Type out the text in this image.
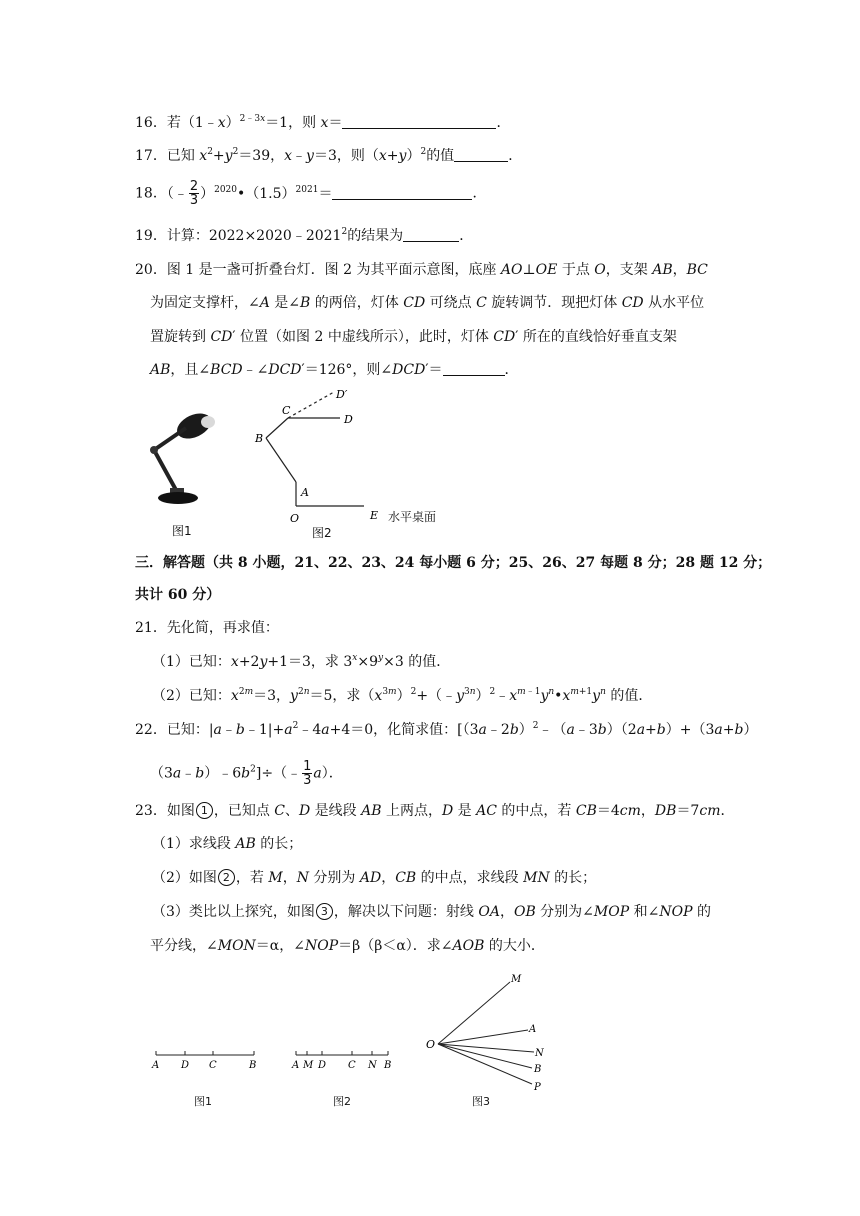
16．若（1﹣x）$^{2﹣3x}$＝1，则 x＝	．
17．已知 $x^2+y^2=39$，x﹣y＝3，则$(x+y)^2$的值	．
18．（﹣ $\frac{2}{3}$ ）$^{2020}•(1.5)^{2021}=$	．
19．计算：$2022\times 2020﹣2021^2$的结果为	．
20．图 1 是一盏可折叠台灯．图 2 为其平面示意图，底座 AO⊥OE 于点 O，支架 AB，BC
为固定支撑杆，∠A 是∠B 的两倍，灯体 CD 可绕点 C 旋转调节．现把灯体 CD 从水平位
置旋转到 CD′ 位置（如图 2 中虚线所示），此时，灯体 CD′ 所在的直线恰好垂直支架
AB，且∠BCD﹣∠DCD′＝126°，则∠DCD′＝	．
图1
D′
C
D
B
A
O	E 水平桌面
图2
三．解答题（共 8 小题，21、22、23、24 每小题 6 分；25、26、27 每题 8 分；28 题 12 分；
共计 60 分）
21．先化简，再求值：
（1）已知：x+2y+1＝3，求 $3^x\times 9^y\times 3$ 的值．
（2）已知：$x^{2m}=3$，$y^{2n}=5$，求$(x^{3m})^2+(﹣y^{3n})^2﹣x^{m﹣1}y^n•x^{m+1}y^n$ 的值．
22．已知：$|a﹣b﹣1|+a^2﹣4a+4=0$，化简求值：[（3a﹣2b）$^2$﹣（a﹣3b）（2a+b）+（3a+b）
$(3a﹣b)﹣6b^2]\div(﹣ \frac{1}{3} a)$．
23．如图 1 ，已知点 C、D 是线段 AB 上两点，D 是 AC 的中点，若 CB＝4cm，DB＝7cm．
（1）求线段 AB 的长；
（2）如图 2 ，若 M，N 分别为 AD，CB 的中点，求线段 MN 的长；
（3）类比以上探究，如图 3 ，解决以下问题：射线 OA，OB 分别为∠MOP 和∠NOP 的
平分线，∠MON＝α，∠NOP＝β（β＜α）．求∠AOB 的大小．
A D C	B
图1
A M D C N B
图2
O
M
A
N
B
P
图3
